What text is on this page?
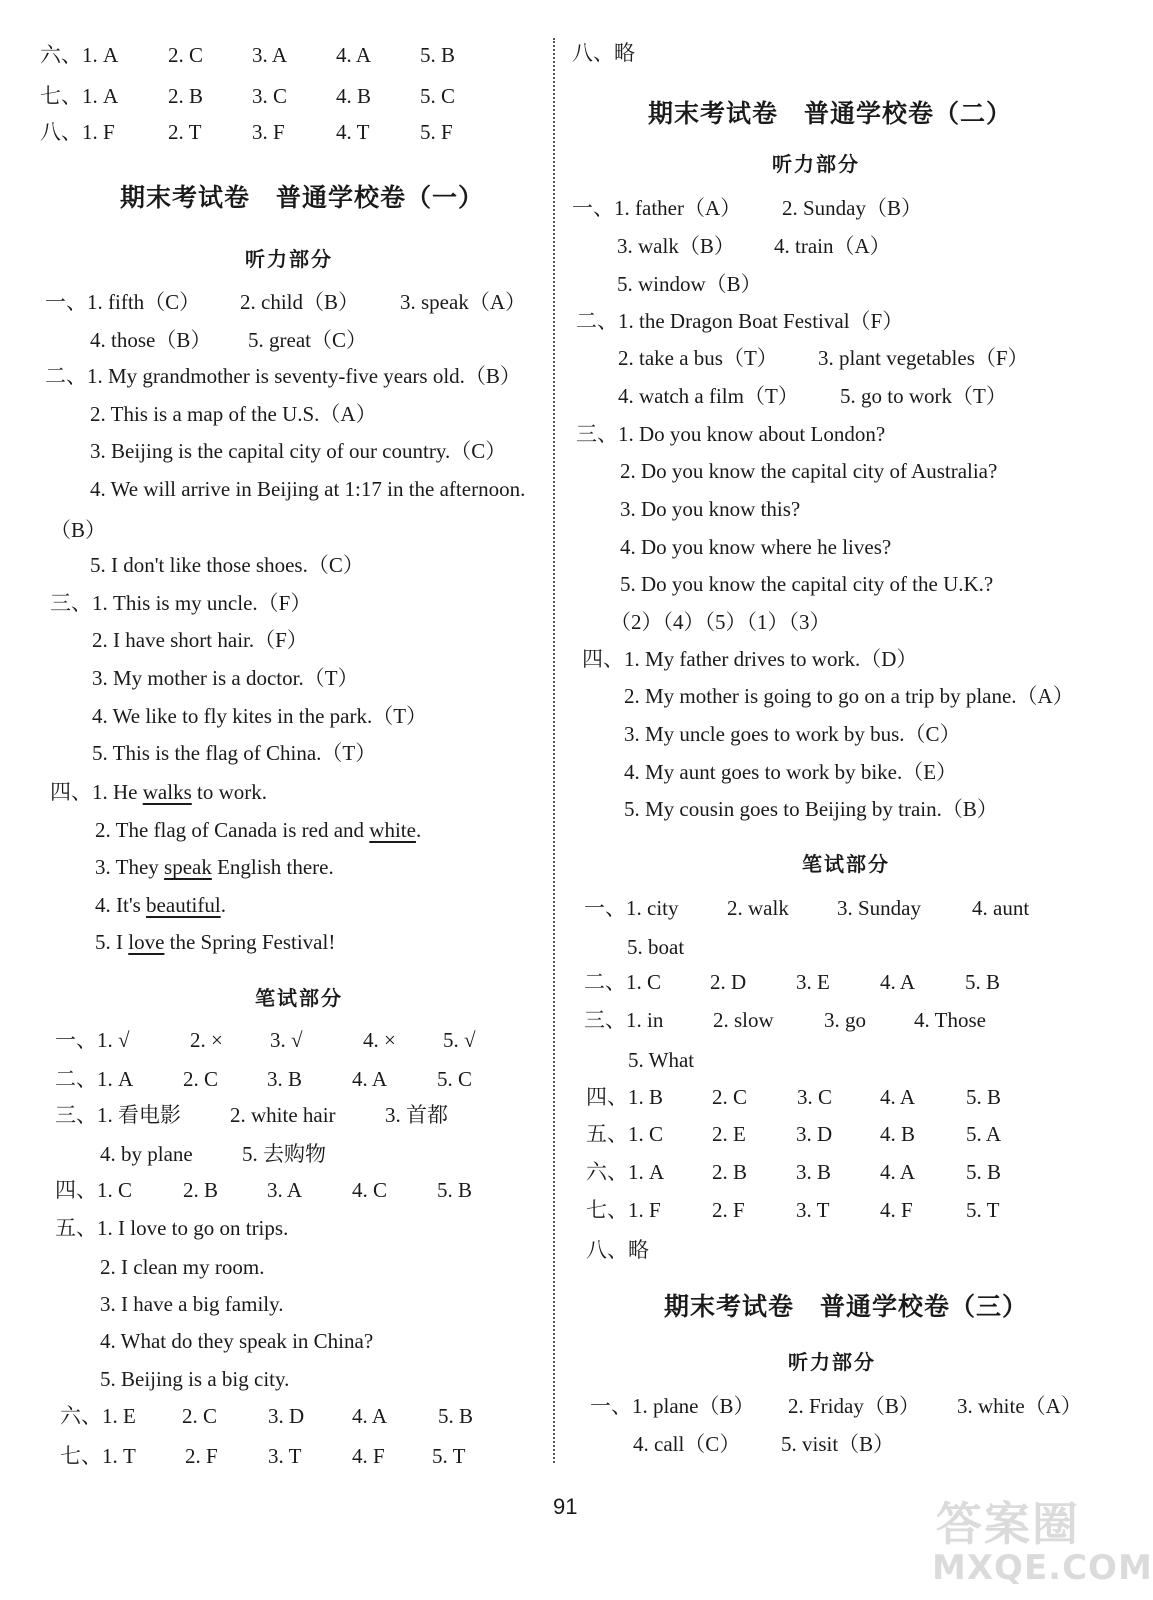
六、1. A 2. C 3. A 4. A 5. B
七、1. A 2. B 3. C 4. B 5. C
八、1. F	2. T 3. F 4. T 5. F
期末考试卷　普通学校卷（一）
听力部分
一、1. fifth（C） 2. child（B） 3. speak（A）
4. those（B） 5. great（C）
二、1. My grandmother is seventy-five years old.（B）
2. This is a map of the U.S.（A）
3. Beijing is the capital city of our country.（C）
4. We will arrive in Beijing at 1:17 in the afternoon.
（B）
5. I don't like those shoes.（C）
三、1. This is my uncle.（F）
2. I have short hair.（F）
3. My mother is a doctor.（T）
4. We like to fly kites in the park.（T）
5. This is the flag of China.（T）
四、1. He walks to work.
2. The flag of Canada is red and white.
3. They speak English there.
4. It's beautiful.
5. I love the Spring Festival!
笔试部分
一、1. √	2. × 3. √	4. × 5. √
二、1. A 2. C 3. B 4. A 5. C
三、1. 看电影 2. white hair 3. 首都
4. by plane 5. 去购物
四、1. C 2. B 3. A 4. C 5. B
五、1. I love to go on trips.
2. I clean my room.
3. I have a big family.
4. What do they speak in China?
5. Beijing is a big city.
六、1. E 2. C 3. D 4. A 5. B
七、1. T 2. F 3. T 4. F 5. T
八、略
期末考试卷　普通学校卷（二）
听力部分
一、1. father（A） 2. Sunday（B）
3. walk（B） 4. train（A）
5. window（B）
二、1. the Dragon Boat Festival（F）
2. take a bus（T） 3. plant vegetables（F）
4. watch a film（T） 5. go to work（T）
三、1. Do you know about London?
2. Do you know the capital city of Australia?
3. Do you know this?
4. Do you know where he lives?
5. Do you know the capital city of the U.K.?
（2）（4）（5）（1）（3）
四、1. My father drives to work.（D）
2. My mother is going to go on a trip by plane.（A）
3. My uncle goes to work by bus.（C）
4. My aunt goes to work by bike.（E）
5. My cousin goes to Beijing by train.（B）
笔试部分
一、1. city 2. walk 3. Sunday 4. aunt
5. boat
二、1. C 2. D 3. E 4. A 5. B
三、1. in 2. slow 3. go 4. Those
5. What
四、1. B 2. C 3. C 4. A 5. B
五、1. C 2. E 3. D 4. B 5. A
六、1. A 2. B 3. B 4. A 5. B
七、1. F 2. F 3. T 4. F	5. T
八、略
期末考试卷　普通学校卷（三）
听力部分
一、1. plane（B） 2. Friday（B） 3. white（A）
4. call（C） 5. visit（B）
91	答案圈
MXQE.COM
